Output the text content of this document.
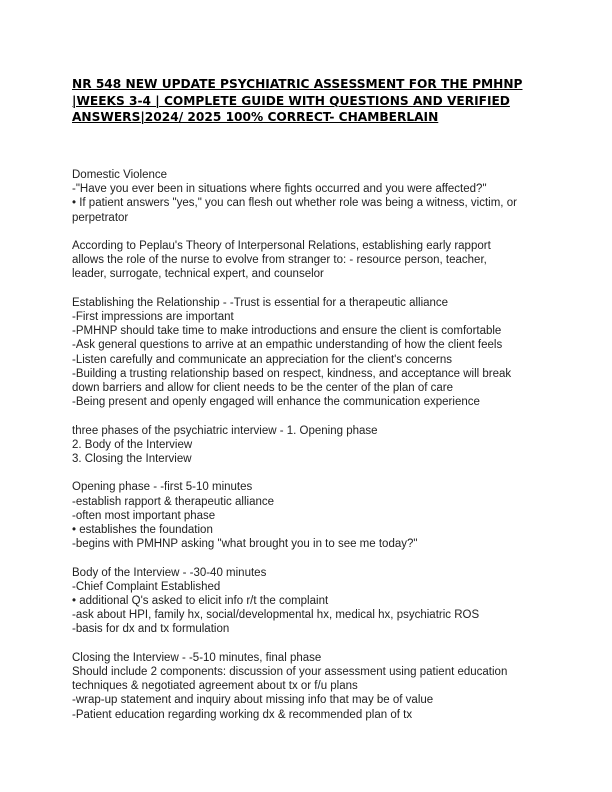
NR 548 NEW UPDATE PSYCHIATRIC ASSESSMENT FOR THE PMHNP
|WEEKS 3-4 | COMPLETE GUIDE WITH QUESTIONS AND VERIFIED
ANSWERS|2024/ 2025 100% CORRECT- CHAMBERLAIN
Domestic Violence
-"Have you ever been in situations where fights occurred and you were affected?"
• If patient answers "yes," you can flesh out whether role was being a witness, victim, or
perpetrator
According to Peplau's Theory of Interpersonal Relations, establishing early rapport
allows the role of the nurse to evolve from stranger to: - resource person, teacher,
leader, surrogate, technical expert, and counselor
Establishing the Relationship - -Trust is essential for a therapeutic alliance
-First impressions are important
-PMHNP should take time to make introductions and ensure the client is comfortable
-Ask general questions to arrive at an empathic understanding of how the client feels
-Listen carefully and communicate an appreciation for the client's concerns
-Building a trusting relationship based on respect, kindness, and acceptance will break
down barriers and allow for client needs to be the center of the plan of care
-Being present and openly engaged will enhance the communication experience
three phases of the psychiatric interview - 1. Opening phase
2. Body of the Interview
3. Closing the Interview
Opening phase - -first 5-10 minutes
-establish rapport & therapeutic alliance
-often most important phase
• establishes the foundation
-begins with PMHNP asking "what brought you in to see me today?"
Body of the Interview - -30-40 minutes
-Chief Complaint Established
• additional Q's asked to elicit info r/t the complaint
-ask about HPI, family hx, social/developmental hx, medical hx, psychiatric ROS
-basis for dx and tx formulation
Closing the Interview - -5-10 minutes, final phase
Should include 2 components: discussion of your assessment using patient education
techniques & negotiated agreement about tx or f/u plans
-wrap-up statement and inquiry about missing info that may be of value
-Patient education regarding working dx & recommended plan of tx
